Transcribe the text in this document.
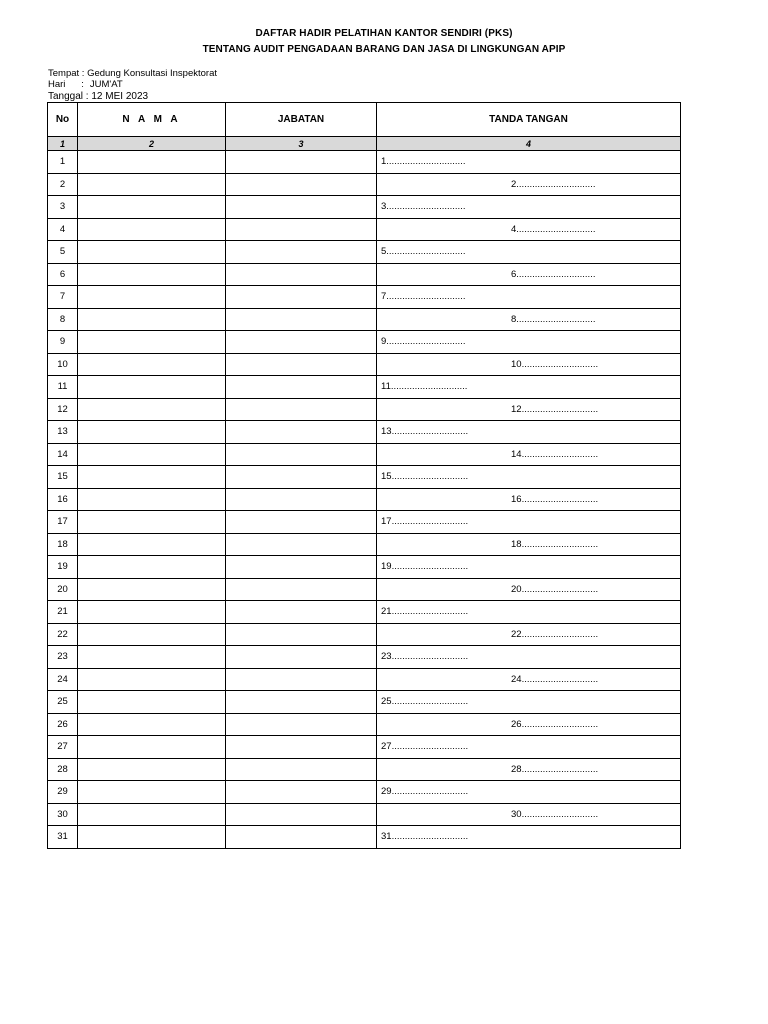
DAFTAR HADIR PELATIHAN KANTOR SENDIRI (PKS)
TENTANG AUDIT PENGADAAN BARANG DAN JASA DI LINGKUNGAN APIP
Tempat : Gedung Konsultasi Inspektorat
Hari      : JUM'AT
Tanggal : 12 MEI 2023
No	N A M A	JABATAN	TANDA TANGAN
1	2	3	4
1			1..............................

2			2..............................

3			3..............................

4			4..............................

5			5..............................

6			6..............................

7			7..............................

8			8..............................

9			9..............................

10			10.............................

11			11.............................

12			12.............................

13			13.............................

14			14.............................

15			15.............................

16			16.............................

17			17.............................

18			18.............................

19			19.............................

20			20.............................

21			21.............................

22			22.............................

23			23.............................

24			24.............................

25			25.............................

26			26.............................

27			27.............................

28			28.............................

29			29.............................

30			30.............................

31			31.............................
